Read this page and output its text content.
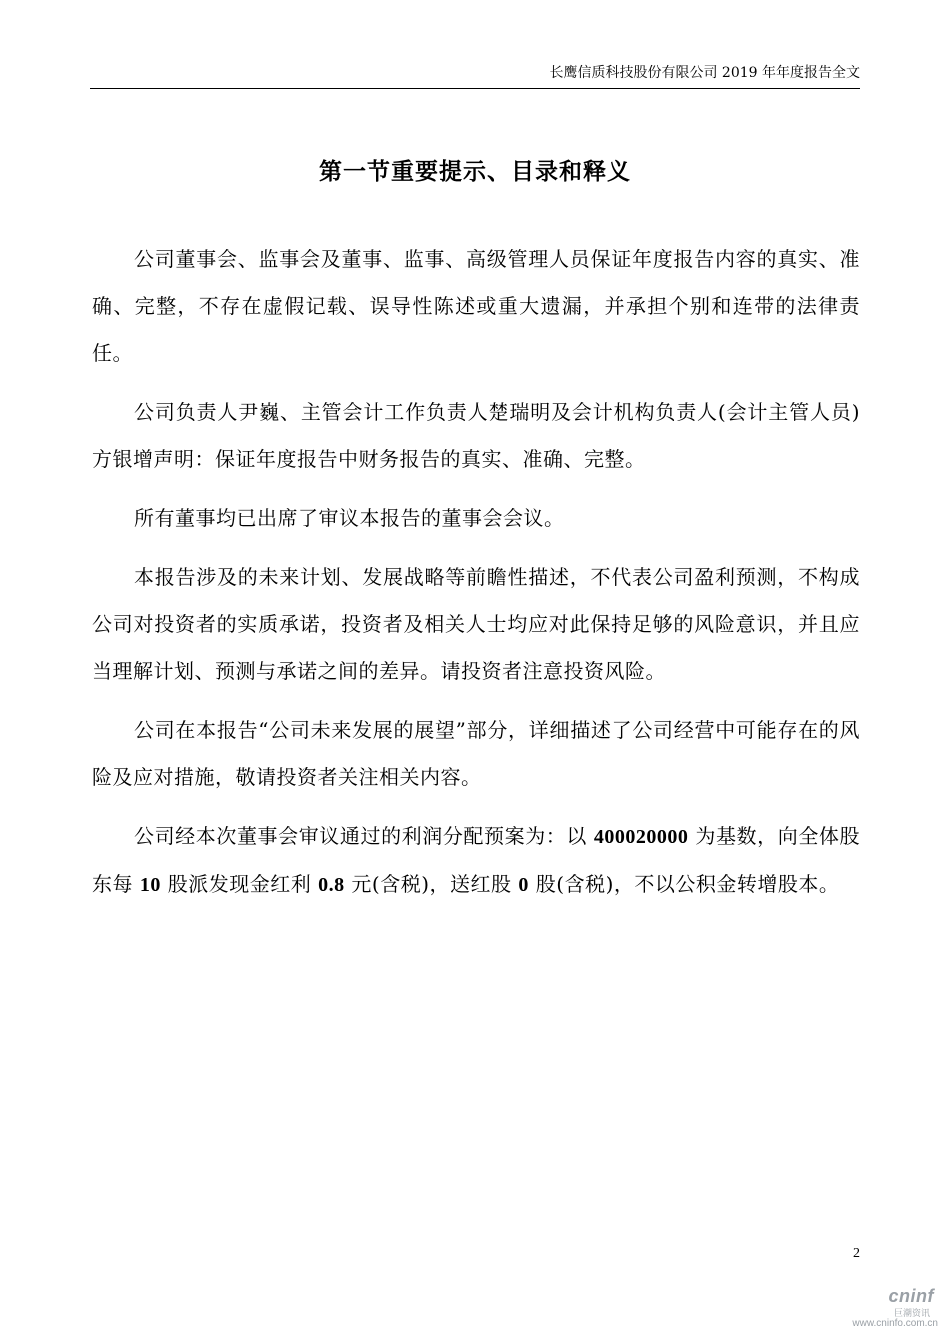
长鹰信质科技股份有限公司 2019 年年度报告全文
第一节重要提示、目录和释义

公司董事会、监事会及董事、监事、高级管理人员保证年度报告内容的真实、准确、完整，不存在虚假记载、误导性陈述或重大遗漏，并承担个别和连带的法律责任。

公司负责人尹巍、主管会计工作负责人楚瑞明及会计机构负责人(会计主管人员)方银增声明：保证年度报告中财务报告的真实、准确、完整。

所有董事均已出席了审议本报告的董事会会议。

本报告涉及的未来计划、发展战略等前瞻性描述，不代表公司盈利预测，不构成公司对投资者的实质承诺，投资者及相关人士均应对此保持足够的风险意识，并且应当理解计划、预测与承诺之间的差异。请投资者注意投资风险。

公司在本报告“公司未来发展的展望”部分，详细描述了公司经营中可能存在的风险及应对措施，敬请投资者关注相关内容。

公司经本次董事会审议通过的利润分配预案为：以 400020000 为基数，向全体股东每 10 股派发现金红利 0.8 元(含税)，送红股 0 股(含税)，不以公积金转增股本。

2
cninf
巨潮资讯
www.cninfo.com.cn
